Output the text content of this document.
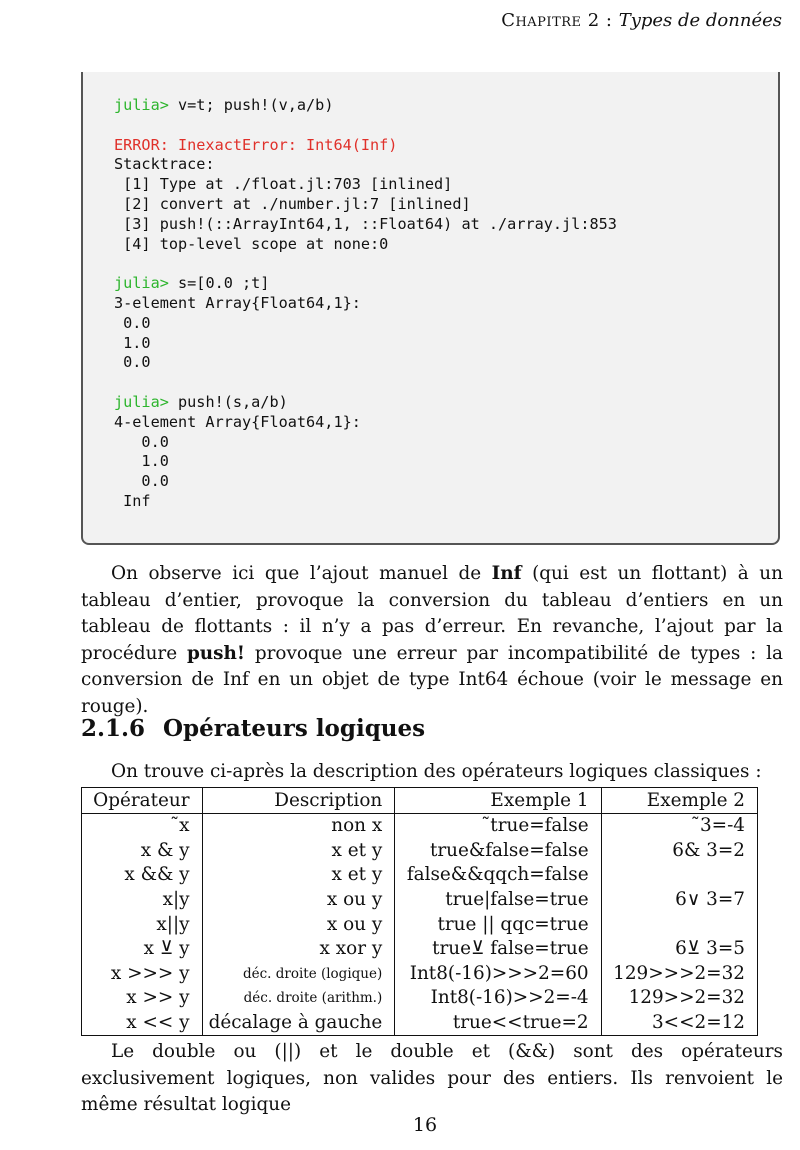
Chapitre 2 : Types de données
julia> v=t; push!(v,a/b)

ERROR: InexactError: Int64(Inf)
Stacktrace:
[1] Type at ./float.jl:703 [inlined]
[2] convert at ./number.jl:7 [inlined]
[3] push!(::ArrayInt64,1, ::Float64) at ./array.jl:853
[4] top-level scope at none:0

julia> s=[0.0 ;t]
3-element Array{Float64,1}:
0.0
1.0
0.0

julia> push!(s,a/b)
4-element Array{Float64,1}:
0.0
1.0
0.0
Inf

On observe ici que l’ajout manuel de Inf (qui est un flottant) à un tableau d’entier, provoque la conversion du tableau d’entiers en un tableau de flottants : il n’y a pas d’erreur. En revanche, l’ajout par la procédure push! provoque une erreur par incompatibilité de types : la conversion de Inf en un objet de type Int64 échoue (voir le message en rouge).

2.1.6 Opérateurs logiques

On trouve ci-après la description des opérateurs logiques classiques :

Opérateur	Description	Exemple 1	Exemple 2
˜x	non x	˜true=false	˜3=-4
x & y	x et y	true&false=false	6& 3=2
x && y	x et y	false&&qqch=false	
x|y	x ou y	true|false=true	6∨ 3=7
x||y	x ou y	true || qqc=true	
x ⊻ y	x xor y	true⊻ false=true	6⊻ 3=5
x >>> y	déc. droite (logique)	Int8(-16)>>>2=60	129>>>2=32
x >> y	déc. droite (arithm.)	Int8(-16)>>2=-4	129>>2=32
x << y	décalage à gauche	true<<true=2	3<<2=12

Le double ou (||) et le double et (&&) sont des opérateurs exclusivement logiques, non valides pour des entiers. Ils renvoient le même résultat logique

16
